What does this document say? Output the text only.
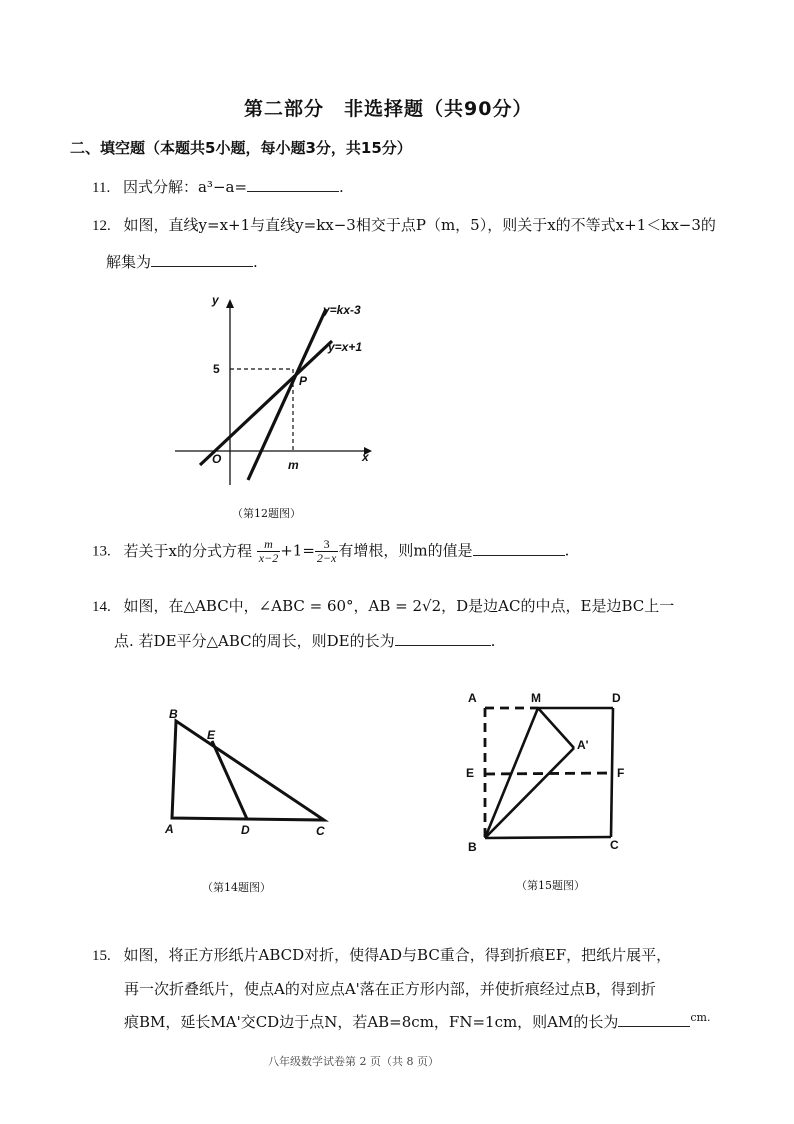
第二部分　非选择题（共90分）
二、填空题（本题共5小题，每小题3分，共15分）
11. 因式分解：a³−a=	.
12. 如图，直线y=x+1与直线y=kx−3相交于点P（m，5），则关于x的不等式x+1＜kx−3的
解集为	.
y
y=kx-3
y=x+1
5
P
O	m
x
（第12题图）
13. 若关于x的分式方程 $\frac{m}{x-2} +1= \frac{3}{2-x}$ 有增根，则m的值是	.
14. 如图，在△ABC中，∠ABC = 60°，AB = 2√2，D是边AC的中点，E是边BC上一
点. 若DE平分△ABC的周长，则DE的长为	.
B
E
A	D	C
（第14题图）
A	M	D
A'
E	F
B	C
（第15题图）
15. 如图，将正方形纸片ABCD对折，使得AD与BC重合，得到折痕EF，把纸片展平，
再一次折叠纸片，使点A的对应点A'落在正方形内部，并使折痕经过点B，得到折
痕BM，延长MA'交CD边于点N，若AB=8cm，FN=1cm，则AM的长为	$^{cm.}$
八年级数学试卷第 2 页（共 8 页）
